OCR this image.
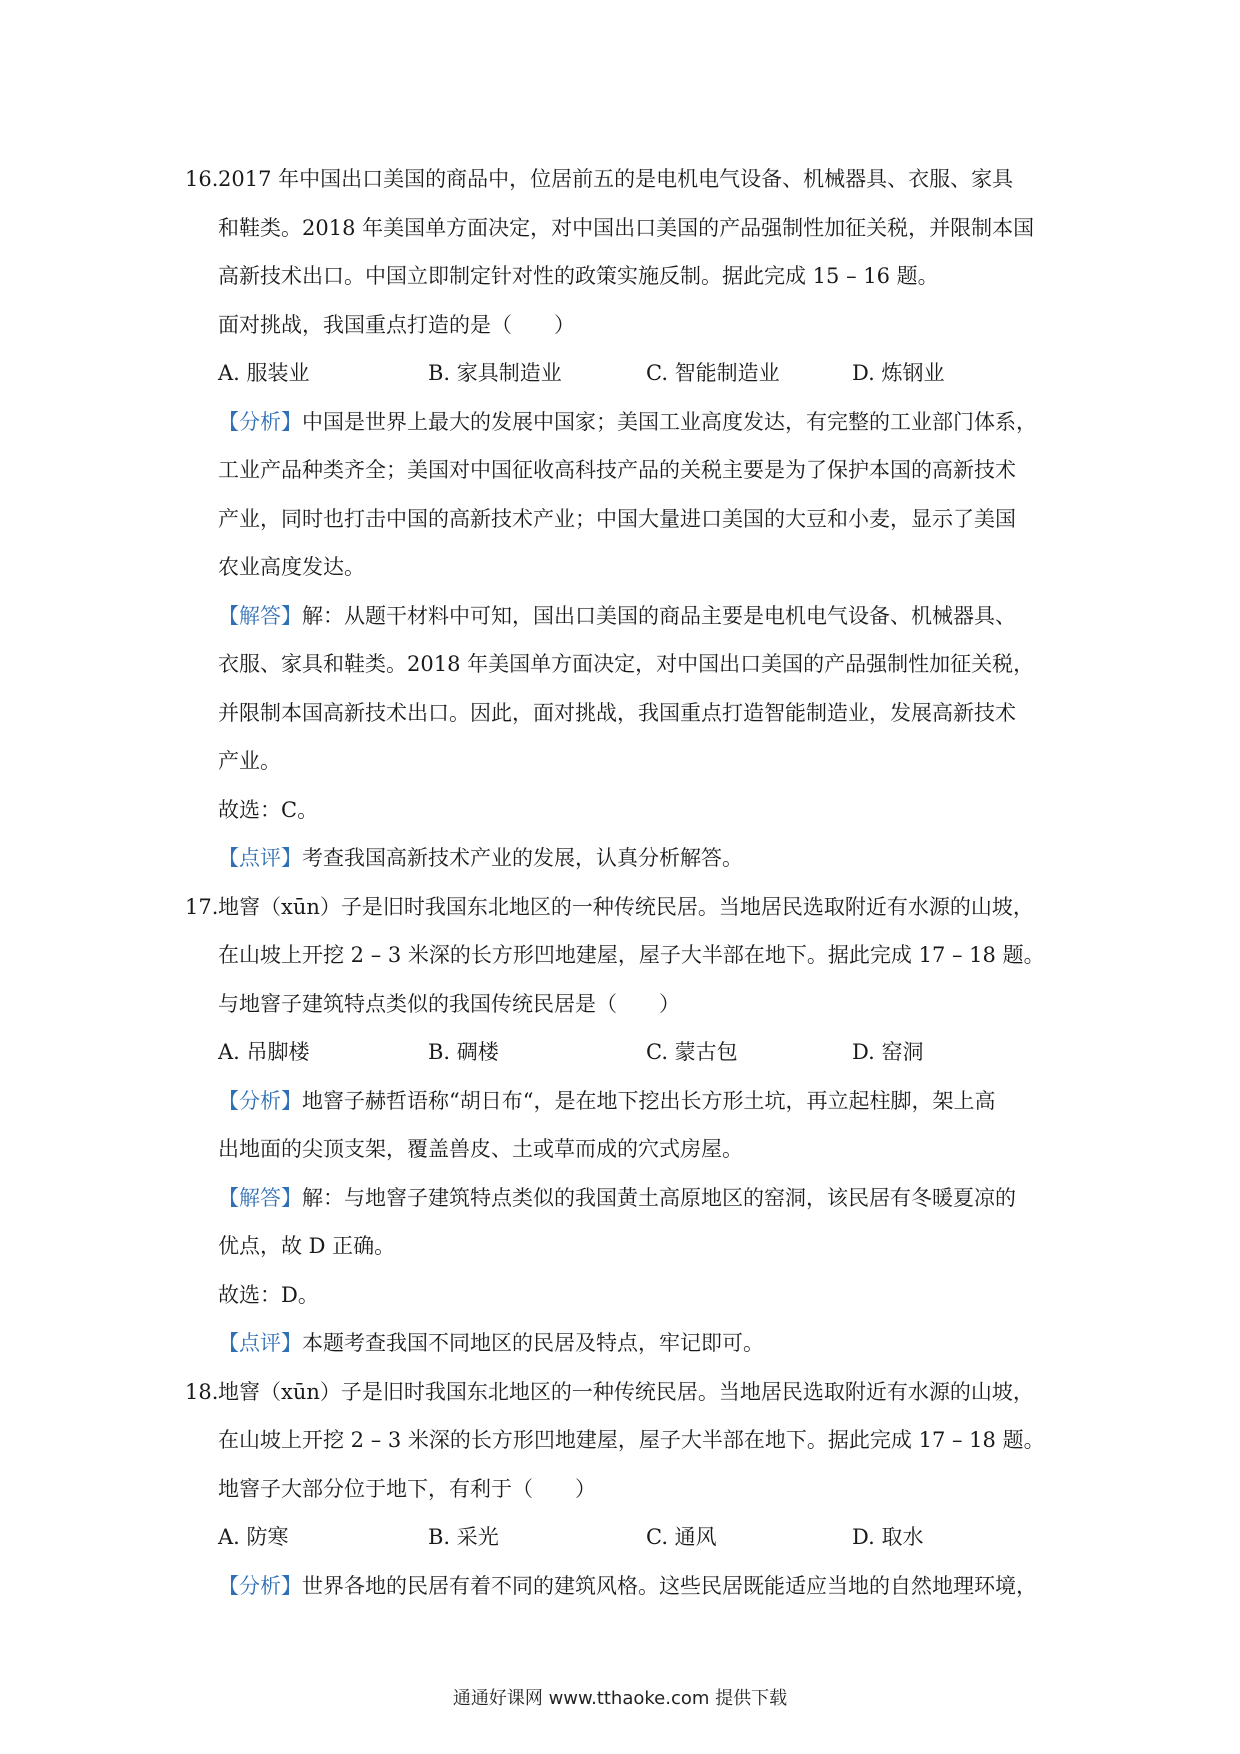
16.2017 年中国出口美国的商品中，位居前五的是电机电气设备、机械器具、衣服、家具
和鞋类。2018 年美国单方面决定，对中国出口美国的产品强制性加征关税，并限制本国
高新技术出口。中国立即制定针对性的政策实施反制。据此完成 15 – 16 题。
面对挑战，我国重点打造的是（　　）
A. 服装业	B. 家具制造业	C. 智能制造业	D. 炼钢业
【分析】中国是世界上最大的发展中国家；美国工业高度发达，有完整的工业部门体系，
工业产品种类齐全；美国对中国征收高科技产品的关税主要是为了保护本国的高新技术
产业，同时也打击中国的高新技术产业；中国大量进口美国的大豆和小麦，显示了美国
农业高度发达。
【解答】解：从题干材料中可知，国出口美国的商品主要是电机电气设备、机械器具、
衣服、家具和鞋类。2018 年美国单方面决定，对中国出口美国的产品强制性加征关税，
并限制本国高新技术出口。因此，面对挑战，我国重点打造智能制造业，发展高新技术
产业。
故选：C。
【点评】考查我国高新技术产业的发展，认真分析解答。
17.地窨（xūn）子是旧时我国东北地区的一种传统民居。当地居民选取附近有水源的山坡，
在山坡上开挖 2 – 3 米深的长方形凹地建屋，屋子大半部在地下。据此完成 17 – 18 题。
与地窨子建筑特点类似的我国传统民居是（　　）
A. 吊脚楼	B. 碉楼	C. 蒙古包	D. 窑洞
【分析】地窨子赫哲语称“胡日布“，是在地下挖出长方形土坑，再立起柱脚，架上高
出地面的尖顶支架，覆盖兽皮、土或草而成的穴式房屋。
【解答】解：与地窨子建筑特点类似的我国黄土高原地区的窑洞，该民居有冬暖夏凉的
优点，故 D 正确。
故选：D。
【点评】本题考查我国不同地区的民居及特点，牢记即可。
18.地窨（xūn）子是旧时我国东北地区的一种传统民居。当地居民选取附近有水源的山坡，
在山坡上开挖 2 – 3 米深的长方形凹地建屋，屋子大半部在地下。据此完成 17 – 18 题。
地窨子大部分位于地下，有利于（　　）
A. 防寒	B. 采光	C. 通风	D. 取水
【分析】世界各地的民居有着不同的建筑风格。这些民居既能适应当地的自然地理环境，
通通好课网 www.tthaoke.com 提供下载
